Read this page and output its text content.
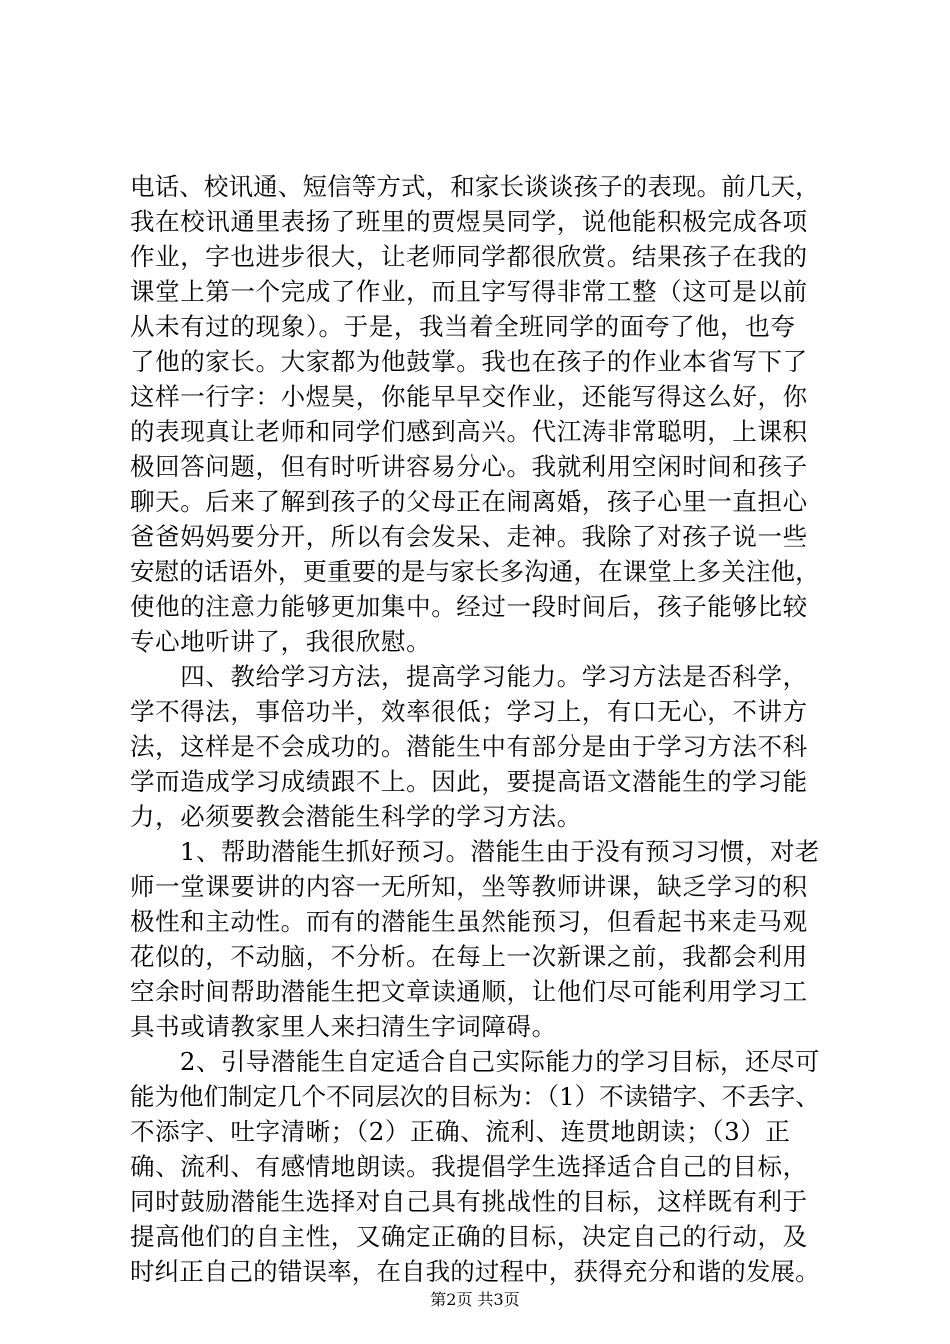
电话、校讯通、短信等方式，和家长谈谈孩子的表现。前几天，
我在校讯通里表扬了班里的贾煜昊同学，说他能积极完成各项
作业，字也进步很大，让老师同学都很欣赏。结果孩子在我的
课堂上第一个完成了作业，而且字写得非常工整（这可是以前
从未有过的现象）。于是，我当着全班同学的面夸了他，也夸
了他的家长。大家都为他鼓掌。我也在孩子的作业本省写下了
这样一行字：小煜昊，你能早早交作业，还能写得这么好，你
的表现真让老师和同学们感到高兴。代江涛非常聪明，上课积
极回答问题，但有时听讲容易分心。我就利用空闲时间和孩子
聊天。后来了解到孩子的父母正在闹离婚，孩子心里一直担心
爸爸妈妈要分开，所以有会发呆、走神。我除了对孩子说一些
安慰的话语外，更重要的是与家长多沟通，在课堂上多关注他，
使他的注意力能够更加集中。经过一段时间后，孩子能够比较
专心地听讲了，我很欣慰。
　　四、教给学习方法，提高学习能力。学习方法是否科学，
学不得法，事倍功半，效率很低；学习上，有口无心，不讲方
法，这样是不会成功的。潜能生中有部分是由于学习方法不科
学而造成学习成绩跟不上。因此，要提高语文潜能生的学习能
力，必须要教会潜能生科学的学习方法。
　　1、帮助潜能生抓好预习。潜能生由于没有预习习惯，对老
师一堂课要讲的内容一无所知，坐等教师讲课，缺乏学习的积
极性和主动性。而有的潜能生虽然能预习，但看起书来走马观
花似的，不动脑，不分析。在每上一次新课之前，我都会利用
空余时间帮助潜能生把文章读通顺，让他们尽可能利用学习工
具书或请教家里人来扫清生字词障碍。
　　2、引导潜能生自定适合自己实际能力的学习目标，还尽可
能为他们制定几个不同层次的目标为：（1）不读错字、不丢字、
不添字、吐字清晰；（2）正确、流利、连贯地朗读；（3）正
确、流利、有感情地朗读。我提倡学生选择适合自己的目标，
同时鼓励潜能生选择对自己具有挑战性的目标，这样既有利于
提高他们的自主性，又确定正确的目标，决定自己的行动，及
时纠正自己的错误率，在自我的过程中，获得充分和谐的发展。
第2页 共3页
